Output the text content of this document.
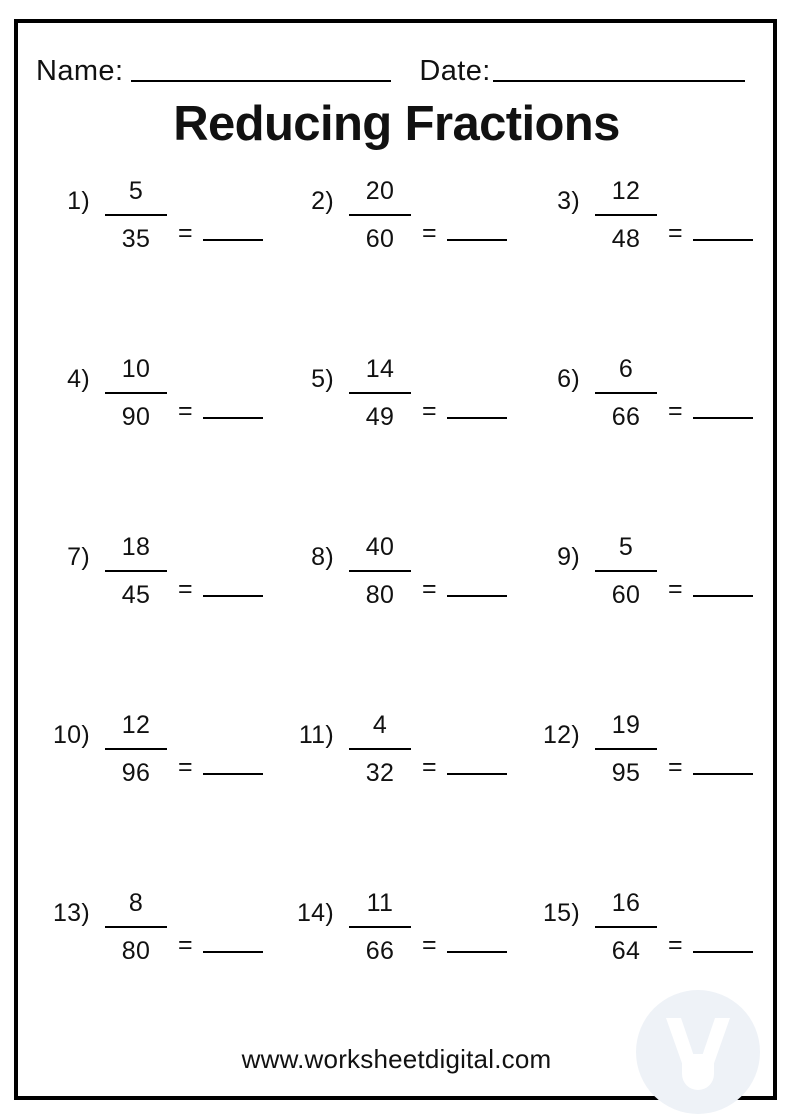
Name:	Date:
Reducing Fractions
$1) \frac{5}{35}$ =
$2) \frac{20}{60}$ =
$3) \frac{12}{48}$ =
$4) \frac{10}{90}$ =
$5) \frac{14}{49}$ =
$6) \frac{6}{66}$ =
$7) \frac{18}{45}$ =
$8) \frac{40}{80}$ =
$9) \frac{5}{60}$ =
$10) \frac{12}{96}$ =
$11) \frac{4}{32}$ =
$12) \frac{19}{95}$ =
$13) \frac{8}{80}$ =
$14) \frac{11}{66}$ =
$15) \frac{16}{64}$ =
www.worksheetdigital.com
